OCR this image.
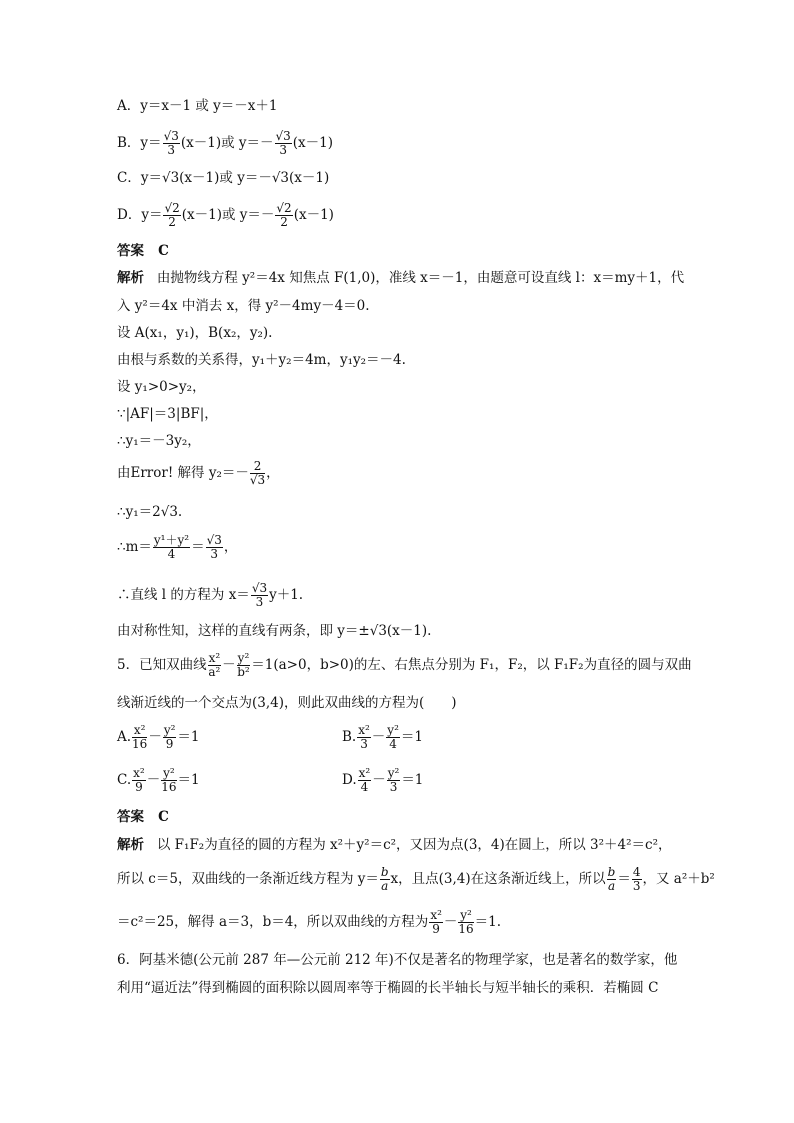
A．y＝x－1 或 y＝－x＋1
B．$y= \frac{√3}{3} (x-1)$或 $y=- \frac{√3}{3} (x-1)$
C．y＝√3(x－1)或 y＝－√3(x－1)
D．$y= \frac{√2}{2} (x-1)$或 $y=- \frac{√2}{2} (x-1)$
答案 C
解析 由抛物线方程 y²＝4x 知焦点 F(1,0)，准线 x＝－1，由题意可设直线 l：x＝my＋1，代
入 y²＝4x 中消去 x，得 y²－4my－4＝0.
设 A(x₁，y₁)，B(x₂，y₂).
由根与系数的关系得，y₁＋y₂＝4m，y₁y₂＝－4.
设 y₁>0>y₂，
∵|AF|＝3|BF|，
∴y₁＝－3y₂，
由Error! 解得 $y_2=- \frac{2}{√3}$ ，
∴y₁＝2√3.
∴m＝ $\frac{\text{y¹＋y²}}{4} = \frac{√3}{3}$ ，
∴直线 l 的方程为 $x= \frac{√3}{3} y+1$.
由对称性知，这样的直线有两条，即 y＝±√3(x－1).
5．已知双曲线 $\frac{\text{x²}}{\text{a²}} - \frac{\text{y²}}{\text{b²}} =1(a>0$，b>0)的左、右焦点分别为 F₁，F₂，以 F₁F₂为直径的圆与双曲
线渐近线的一个交点为(3,4)，则此双曲线的方程为(　　)
A. $\frac{\text{x²}}{16} - \frac{\text{y²}}{9} =1$	B. $\frac{\text{x²}}{3} - \frac{\text{y²}}{4} =1$
C. $\frac{\text{x²}}{9} - \frac{\text{y²}}{16} =1$	D. $\frac{\text{x²}}{4} - \frac{\text{y²}}{3} =1$
答案 C
解析 以 F₁F₂为直径的圆的方程为 x²＋y²＝c²，又因为点(3，4)在圆上，所以 3²＋4²＝c²，
所以 c＝5，双曲线的一条渐近线方程为 $y= \frac{b}{a}$ x，且点(3,4)在这条渐近线上，所以 $\frac{b}{a} = \frac{4}{3}$ ，又 a²＋b²
＝c²＝25，解得 a＝3，b＝4，所以双曲线的方程为 $\frac{\text{x²}}{9} - \frac{\text{y²}}{16} =1$.
6．阿基米德(公元前 287 年—公元前 212 年)不仅是著名的物理学家，也是著名的数学家，他
利用“逼近法”得到椭圆的面积除以圆周率等于椭圆的长半轴长与短半轴长的乘积．若椭圆 C
